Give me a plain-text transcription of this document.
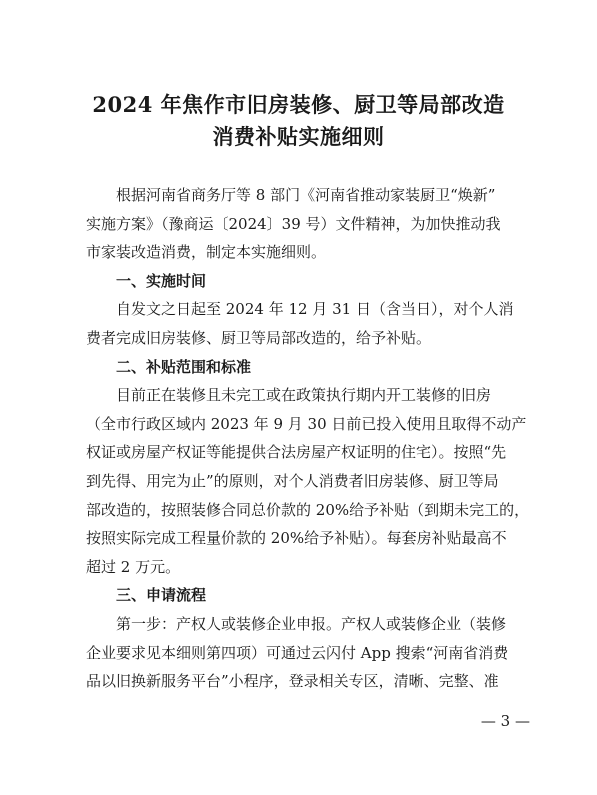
2024 年焦作市旧房装修、厨卫等局部改造
消费补贴实施细则
根据河南省商务厅等 8 部门《河南省推动家装厨卫“焕新”
实施方案》（豫商运〔2024〕39 号）文件精神，为加快推动我
市家装改造消费，制定本实施细则。
一、实施时间
自发文之日起至 2024 年 12 月 31 日（含当日），对个人消
费者完成旧房装修、厨卫等局部改造的，给予补贴。
二、补贴范围和标准
目前正在装修且未完工或在政策执行期内开工装修的旧房
（全市行政区域内 2023 年 9 月 30 日前已投入使用且取得不动产
权证或房屋产权证等能提供合法房屋产权证明的住宅）。按照“先
到先得、用完为止”的原则，对个人消费者旧房装修、厨卫等局
部改造的，按照装修合同总价款的 20%给予补贴（到期未完工的，
按照实际完成工程量价款的 20%给予补贴）。每套房补贴最高不
超过 2 万元。
三、申请流程
第一步：产权人或装修企业申报。产权人或装修企业（装修
企业要求见本细则第四项）可通过云闪付 App 搜索“河南省消费
品以旧换新服务平台”小程序，登录相关专区，清晰、完整、准
— 3 —
